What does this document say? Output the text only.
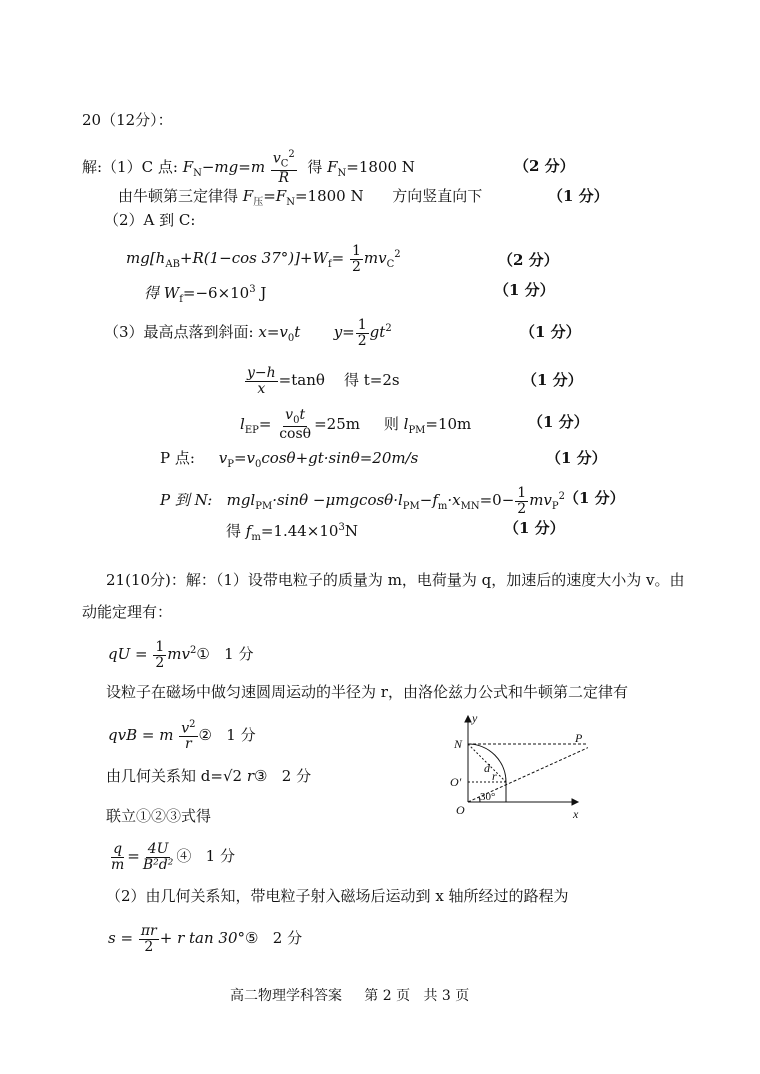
20（12分）：
解:（1）C 点: $F_N-mg=m \frac{v_C^2}{R}$ 得 $F_N=1800$ N	（2 分）
由牛顿第三定律得 $F_压=F_N=1800$ N 方向竖直向下	（1 分）
（2）A 到 C:
$mg[h_{AB}+R(1-\cos$ $37^\circ)]+W_f= \frac{1}{2} mv_C^2$	（2 分）
得 $W_f=-6\times 10^3$ J	（1 分）
（3）最高点落到斜面: $x=v_0t$ $y= \frac{1}{2} gt^2$	（1 分）
$\frac{y-h}{x} =\tan\theta$ 得 t=2s	（1 分）
$l_{EP}= \frac{v_0t}{\cos\theta} =25m$ 则 $l_{PM}=10m$	（1 分）
P 点: $v_P=v_0\cos\theta+gt\cdot\sin\theta=20m/s$	（1 分）
P 到 N: $mgl_{PM}\cdot\sin\theta -\mu mgcos\theta\cdot l_{PM}-f_m\cdot x_{MN}=0- \frac{1}{2} mv_P^2$
（1 分）
得 $f_m=1.44\times 10^3N$	（1 分）
21(10分)：解：（1）设带电粒子的质量为 m，电荷量为 q，加速后的速度大小为 v。由
动能定理有：
qU = $\frac{1}{2}$ $mv^2①$ 1 分
设粒子在磁场中做匀速圆周运动的半径为 r，由洛伦兹力公式和牛顿第二定律有
qvB = m $\frac{v^2}{r}$ ② 1 分
由几何关系知 d=√2 r③ 2 分
联立①②③式得
$\frac{q}{m} = \frac{4U}{\text{B²d²}}$ ④ 1 分
（2）由几何关系知，带电粒子射入磁场后运动到 x 轴所经过的路程为
$s = \frac{\pi r}{2} + r$ tan 30°⑤ 2 分
y
x
N	P
O
O′
d
r
30°
高二物理学科答案 第 2 页 共 3 页
